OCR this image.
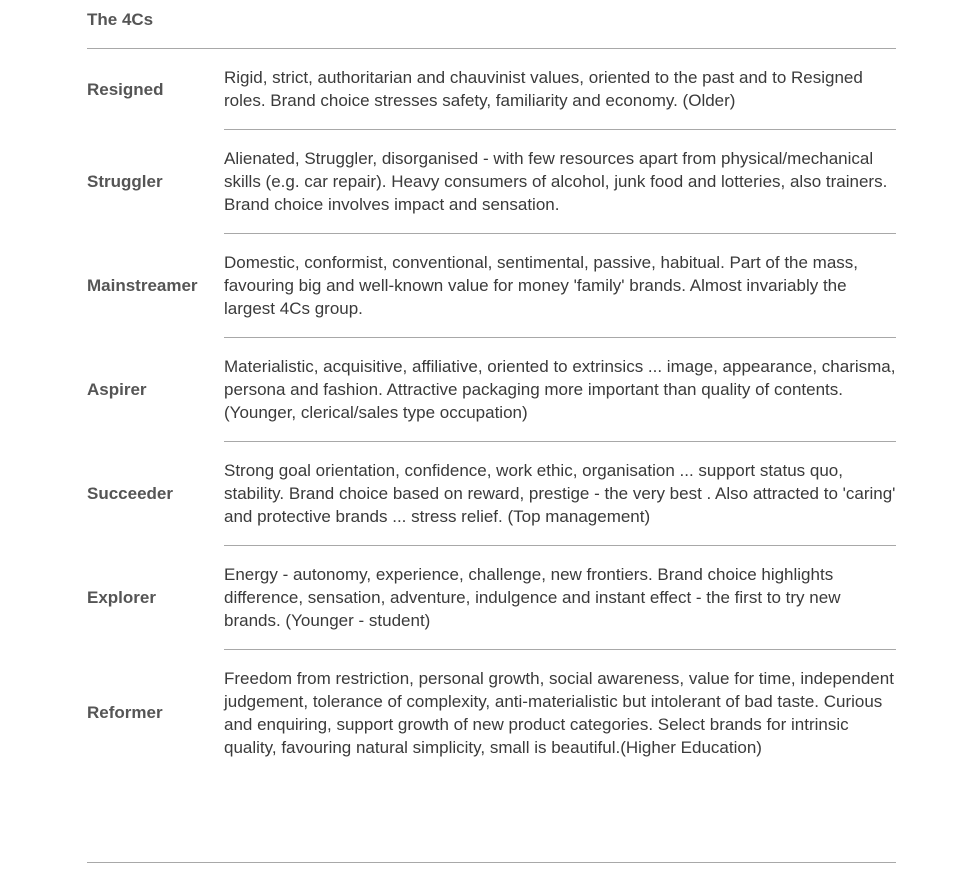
The 4Cs
Resigned	Rigid, strict, authoritarian and chauvinist values, oriented to the past and to Resigned roles. Brand choice stresses safety, familiarity and economy. (Older)
Struggler	Alienated, Struggler, disorganised - with few resources apart from physical/mechanical skills (e.g. car repair). Heavy consumers of alcohol, junk food and lotteries, also trainers. Brand choice involves impact and sensation.
Mainstreamer	Domestic, conformist, conventional, sentimental, passive, habitual. Part of the mass, favouring big and well-known value for money 'family' brands. Almost invariably the largest 4Cs group.
Aspirer	Materialistic, acquisitive, affiliative, oriented to extrinsics ... image, appearance, charisma, persona and fashion. Attractive packaging more important than quality of contents. (Younger, clerical/sales type occupation)
Succeeder	Strong goal orientation, confidence, work ethic, organisation ... support status quo, stability. Brand choice based on reward, prestige - the very best . Also attracted to 'caring' and protective brands ... stress relief. (Top management)
Explorer	Energy - autonomy, experience, challenge, new frontiers. Brand choice highlights difference, sensation, adventure, indulgence and instant effect - the first to try new brands. (Younger - student)
Reformer	Freedom from restriction, personal growth, social awareness, value for time, independent judgement, tolerance of complexity, anti-materialistic but intolerant of bad taste. Curious and enquiring, support growth of new product categories. Select brands for intrinsic quality, favouring natural simplicity, small is beautiful.(Higher Education)
